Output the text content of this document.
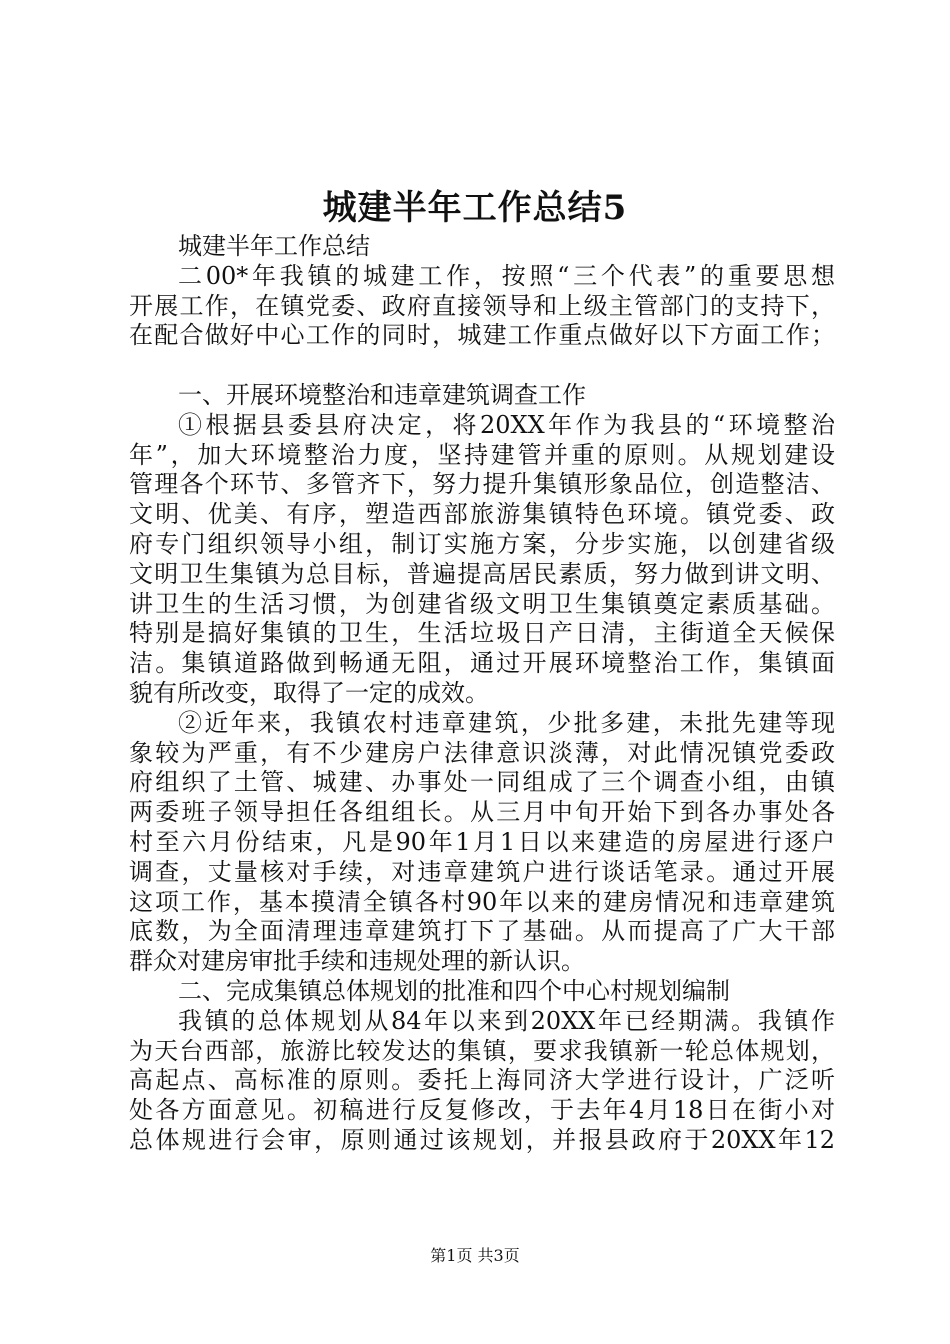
城建半年工作总结5
城建半年工作总结
二00*年我镇的城建工作，按照“三个代表”的重要思想
开展工作，在镇党委、政府直接领导和上级主管部门的支持下，
在配合做好中心工作的同时，城建工作重点做好以下方面工作；
一、开展环境整治和违章建筑调查工作
①根据县委县府决定，将20XX年作为我县的“环境整治
年”，加大环境整治力度，坚持建管并重的原则。从规划建设
管理各个环节、多管齐下，努力提升集镇形象品位，创造整洁、
文明、优美、有序，塑造西部旅游集镇特色环境。镇党委、政
府专门组织领导小组，制订实施方案，分步实施，以创建省级
文明卫生集镇为总目标，普遍提高居民素质，努力做到讲文明、
讲卫生的生活习惯，为创建省级文明卫生集镇奠定素质基础。
特别是搞好集镇的卫生，生活垃圾日产日清，主街道全天候保
洁。集镇道路做到畅通无阻，通过开展环境整治工作，集镇面
貌有所改变，取得了一定的成效。
②近年来，我镇农村违章建筑，少批多建，未批先建等现
象较为严重，有不少建房户法律意识淡薄，对此情况镇党委政
府组织了土管、城建、办事处一同组成了三个调查小组，由镇
两委班子领导担任各组组长。从三月中旬开始下到各办事处各
村至六月份结束，凡是90年1月1日以来建造的房屋进行逐户
调查，丈量核对手续，对违章建筑户进行谈话笔录。通过开展
这项工作，基本摸清全镇各村90年以来的建房情况和违章建筑
底数，为全面清理违章建筑打下了基础。从而提高了广大干部
群众对建房审批手续和违规处理的新认识。
二、完成集镇总体规划的批准和四个中心村规划编制
我镇的总体规划从84年以来到20XX年已经期满。我镇作
为天台西部，旅游比较发达的集镇，要求我镇新一轮总体规划，
高起点、高标准的原则。委托上海同济大学进行设计，广泛听
处各方面意见。初稿进行反复修改，于去年4月18日在街小对
总体规进行会审，原则通过该规划，并报县政府于20XX年12
第1页 共3页
